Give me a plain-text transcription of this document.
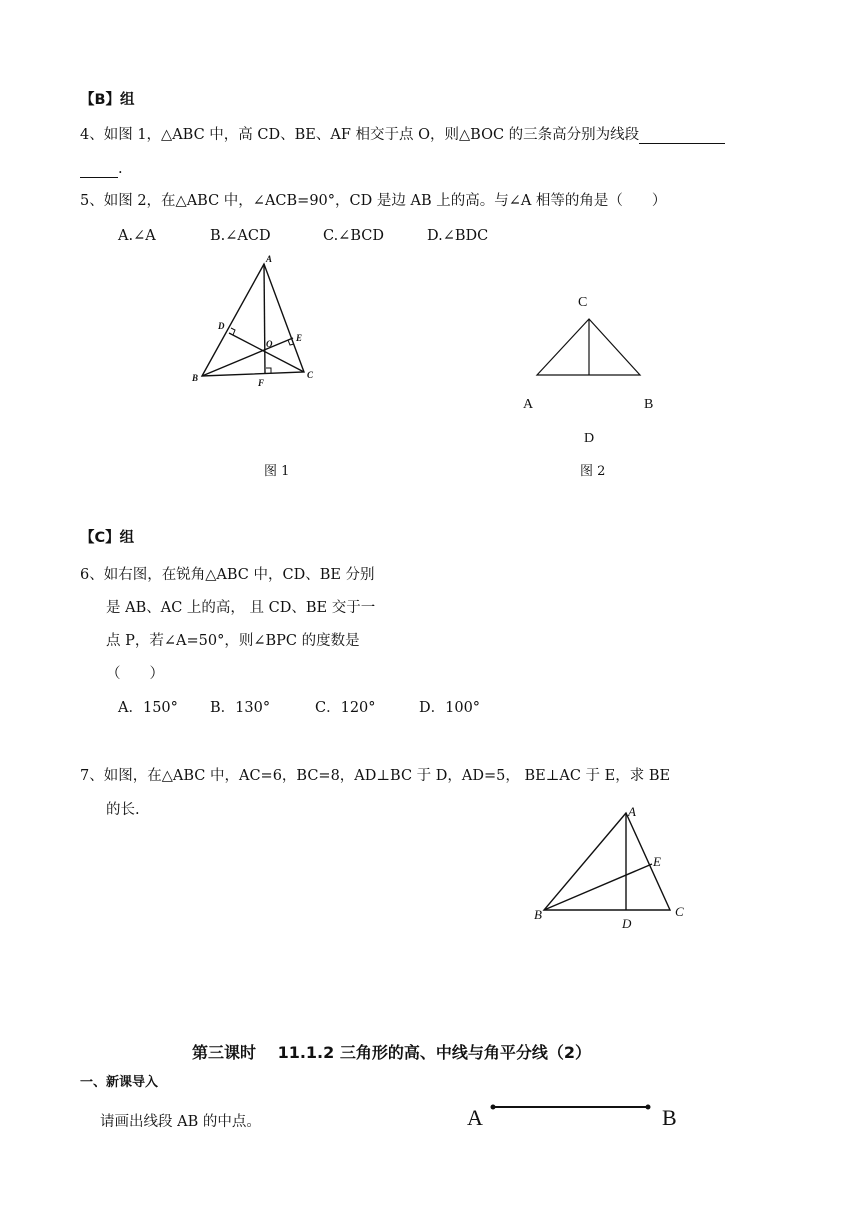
【B】组
4、如图 1，△ABC 中，高 CD、BE、AF 相交于点 O，则△BOC 的三条高分别为线段
.
5、如图 2，在△ABC 中，∠ACB=90°，CD 是边 AB 上的高。与∠A 相等的角是（　　）
A.∠A	B.∠ACD	C.∠BCD	D.∠BDC
A
B	C
D
E
F
O
图 1
C
A	B
D
图 2
【C】组
6、如右图，在锐角△ABC 中，CD、BE 分别
是 AB、AC 上的高， 且 CD、BE 交于一
点 P，若∠A=50°，则∠BPC 的度数是
（　　）
A．150° B．130°	C．120°	D．100°
7、如图，在△ABC 中，AC=6，BC=8，AD⊥BC 于 D，AD=5， BE⊥AC 于 E，求 BE
的长.	A
B	C
D
E
第三课时　 11.1.2 三角形的高、中线与角平分线（2）
一、新课导入
请画出线段 AB 的中点。	A	B
